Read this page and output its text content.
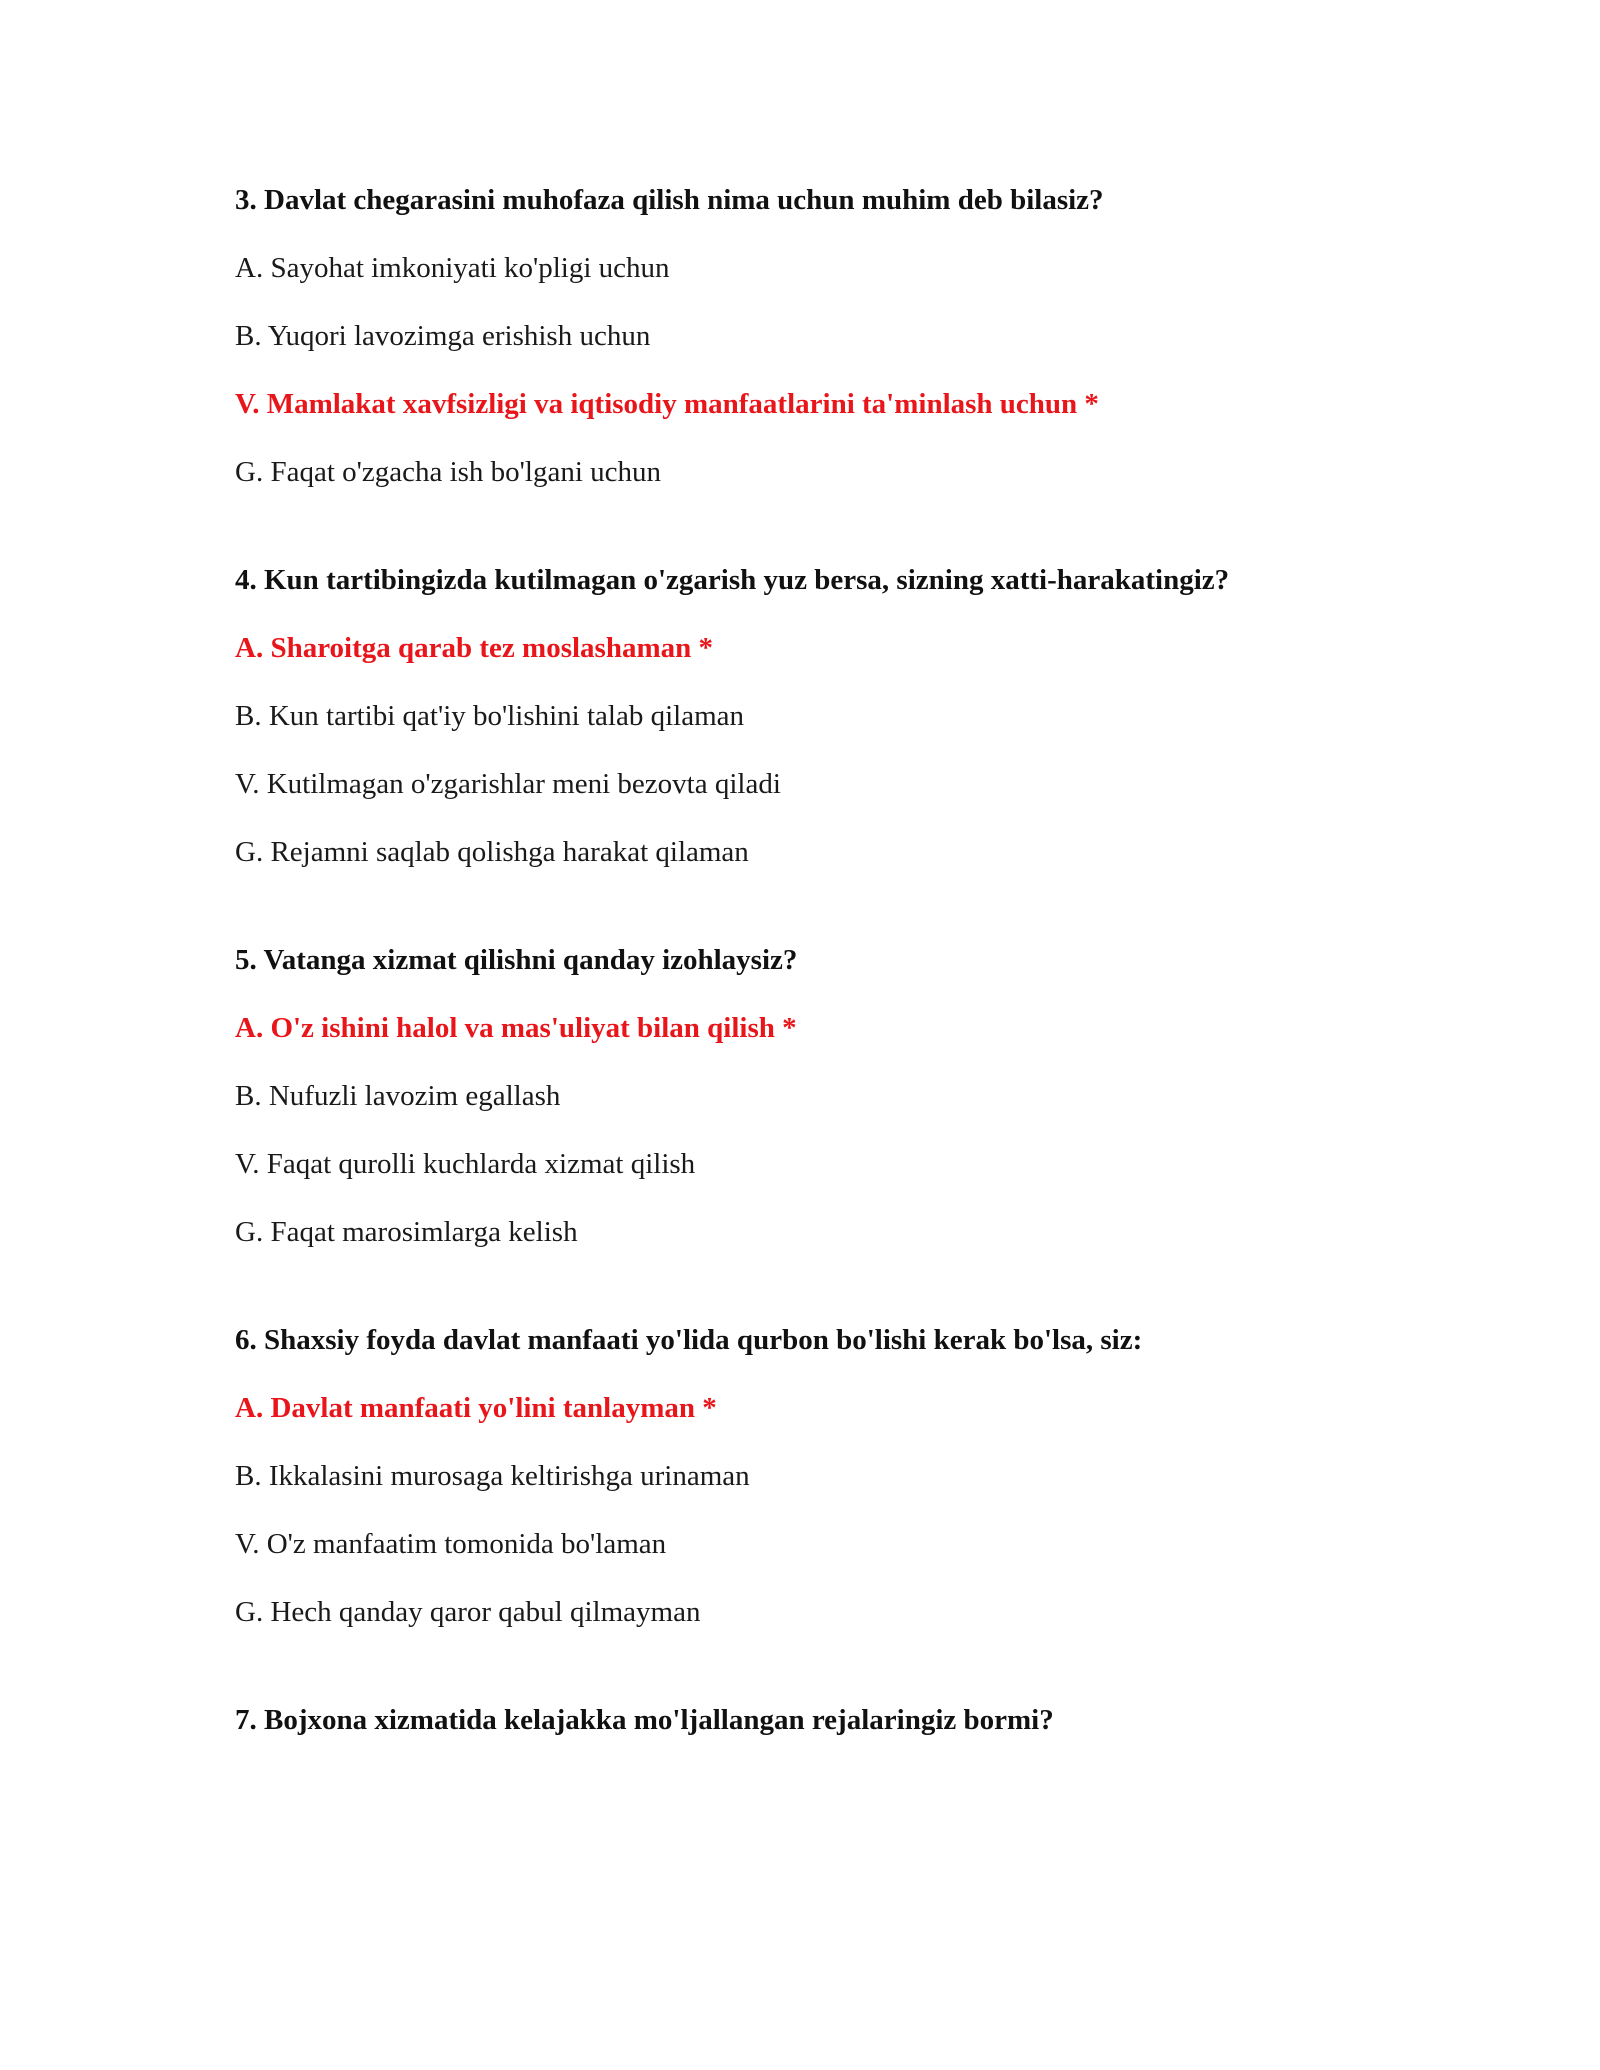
3. Davlat chegarasini muhofaza qilish nima uchun muhim deb bilasiz?
A. Sayohat imkoniyati ko'pligi uchun
B. Yuqori lavozimga erishish uchun
V. Mamlakat xavfsizligi va iqtisodiy manfaatlarini ta'minlash uchun *
G. Faqat o'zgacha ish bo'lgani uchun
4. Kun tartibingizda kutilmagan o'zgarish yuz bersa, sizning xatti-harakatingiz?
A. Sharoitga qarab tez moslashaman *
B. Kun tartibi qat'iy bo'lishini talab qilaman
V. Kutilmagan o'zgarishlar meni bezovta qiladi
G. Rejamni saqlab qolishga harakat qilaman
5. Vatanga xizmat qilishni qanday izohlaysiz?
A. O'z ishini halol va mas'uliyat bilan qilish *
B. Nufuzli lavozim egallash
V. Faqat qurolli kuchlarda xizmat qilish
G. Faqat marosimlarga kelish
6. Shaxsiy foyda davlat manfaati yo'lida qurbon bo'lishi kerak bo'lsa, siz:
A. Davlat manfaati yo'lini tanlayman *
B. Ikkalasini murosaga keltirishga urinaman
V. O'z manfaatim tomonida bo'laman
G. Hech qanday qaror qabul qilmayman
7. Bojxona xizmatida kelajakka mo'ljallangan rejalaringiz bormi?
